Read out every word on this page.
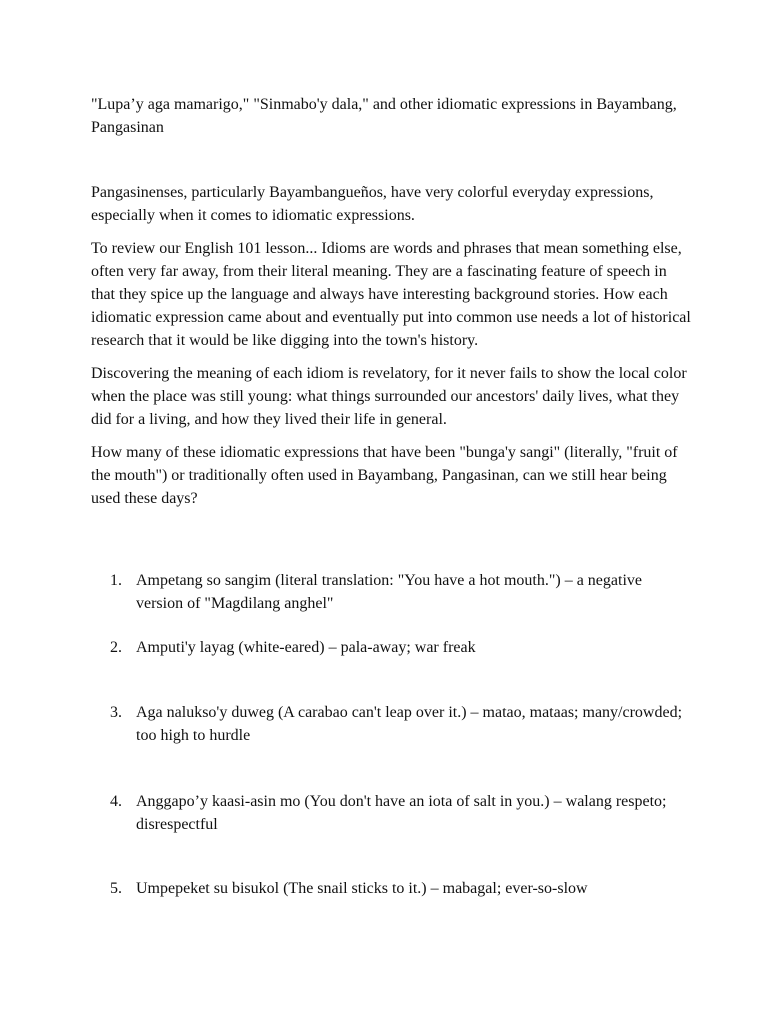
"Lupa’y aga mamarigo," "Sinmabo'y dala," and other idiomatic expressions in Bayambang, Pangasinan

Pangasinenses, particularly Bayambangueños, have very colorful everyday expressions, especially when it comes to idiomatic expressions.

To review our English 101 lesson... Idioms are words and phrases that mean something else, often very far away, from their literal meaning. They are a fascinating feature of speech in that they spice up the language and always have interesting background stories. How each idiomatic expression came about and eventually put into common use needs a lot of historical research that it would be like digging into the town's history.

Discovering the meaning of each idiom is revelatory, for it never fails to show the local color when the place was still young: what things surrounded our ancestors' daily lives, what they did for a living, and how they lived their life in general.

How many of these idiomatic expressions that have been "bunga'y sangi" (literally, "fruit of the mouth") or traditionally often used in Bayambang, Pangasinan, can we still hear being used these days?

1. Ampetang so sangim (literal translation: "You have a hot mouth.") – a negative version of "Magdilang anghel"
2. Amputi'y layag (white-eared) – pala-away; war freak
3. Aga nalukso'y duweg (A carabao can't leap over it.) – matao, mataas; many/crowded; too high to hurdle
4. Anggapo’y kaasi-asin mo (You don't have an iota of salt in you.) – walang respeto; disrespectful
5. Umpepeket su bisukol (The snail sticks to it.) – mabagal; ever-so-slow
